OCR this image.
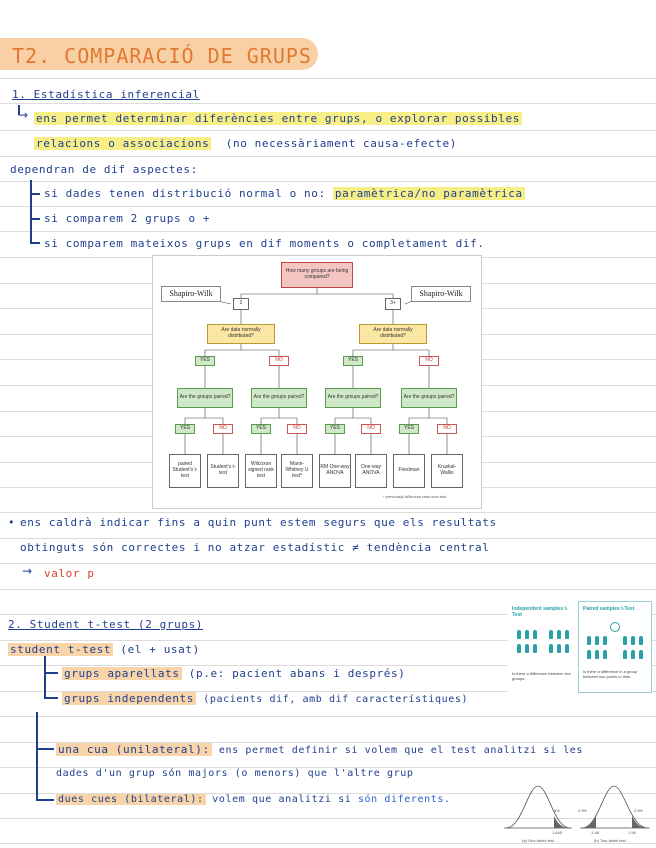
T2. COMPARACIÓ DE GRUPS
1. Estadística inferencial
→ ens permet determinar diferències entre grups, o explorar possibles
relacions o associacions (no necessàriament causa-efecte)
dependran de dif aspectes:
si dades tenen distribució normal o no: paramètrica/no paramètrica
si comparem 2 grups o +
si comparem mateixos grups en dif moments o completament dif.
How many groups are being compared?
Shapiro-Wilk	Shapiro-Wilk
2	3+
Are data normally distributed?
Are data normally distributed?
YES	NO	YES	NO
Are the groups paired?	Are the groups paired?	Are the groups paired?	Are the groups paired?
YES	NO	YES	NO	YES	NO	YES	NO
paired Student's t-test
Student's t-test
Wilcoxon signed rank test
Mann-Whitney U test*
RM One-way ANOVA
One-way ANOVA	Friedman	Kruskal-Wallis
* previously Wilcoxon rank-sum test
• ens caldrà indicar fins a quin punt estem segurs que els resultats
obtinguts són correctes i no atzar estadístic ≠ tendència central
→ valor p
2. Student t-test (2 grups)
student t-test (el + usat)
grups aparellats (p.e: pacient abans i després)
grups independents (pacients dif, amb dif característiques)
una cua (unilateral): ens permet definir si volem que el test analitzi si les
dades d'un grup són majors (o menors) que l'altre grup
dues cues (bilateral): volem que analitzi si són diferents.
Independent samples t-Test
Is there a difference between two groups.
Paired samples t-Test
Is there a difference in a group between two points in time.
5%	2.5%	2.5%
1.645	-1.96	1.96
(a) One-tailed test	(b) Two-tailed test
